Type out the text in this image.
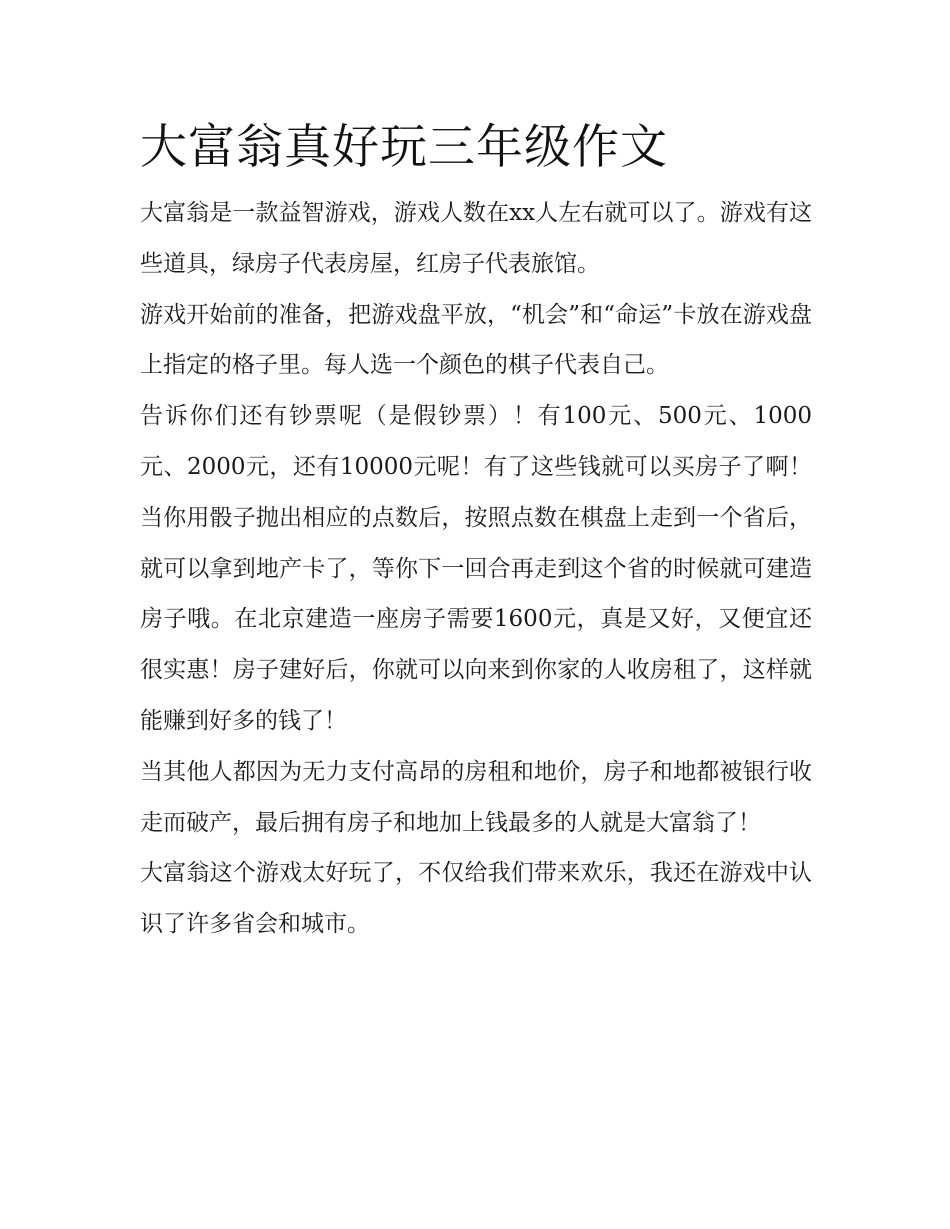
大富翁真好玩三年级作文

大富翁是一款益智游戏，游戏人数在xx人左右就可以了。游戏有这些道具，绿房子代表房屋，红房子代表旅馆。

游戏开始前的准备，把游戏盘平放，“机会”和“命运”卡放在游戏盘上指定的格子里。每人选一个颜色的棋子代表自己。

告诉你们还有钞票呢（是假钞票）！有100元、500元、1000元、2000元，还有10000元呢！有了这些钱就可以买房子了啊！当你用骰子抛出相应的点数后，按照点数在棋盘上走到一个省后，就可以拿到地产卡了，等你下一回合再走到这个省的时候就可建造房子哦。在北京建造一座房子需要1600元，真是又好，又便宜还很实惠！房子建好后，你就可以向来到你家的人收房租了，这样就能赚到好多的钱了！

当其他人都因为无力支付高昂的房租和地价，房子和地都被银行收走而破产，最后拥有房子和地加上钱最多的人就是大富翁了！

大富翁这个游戏太好玩了，不仅给我们带来欢乐，我还在游戏中认识了许多省会和城市。
